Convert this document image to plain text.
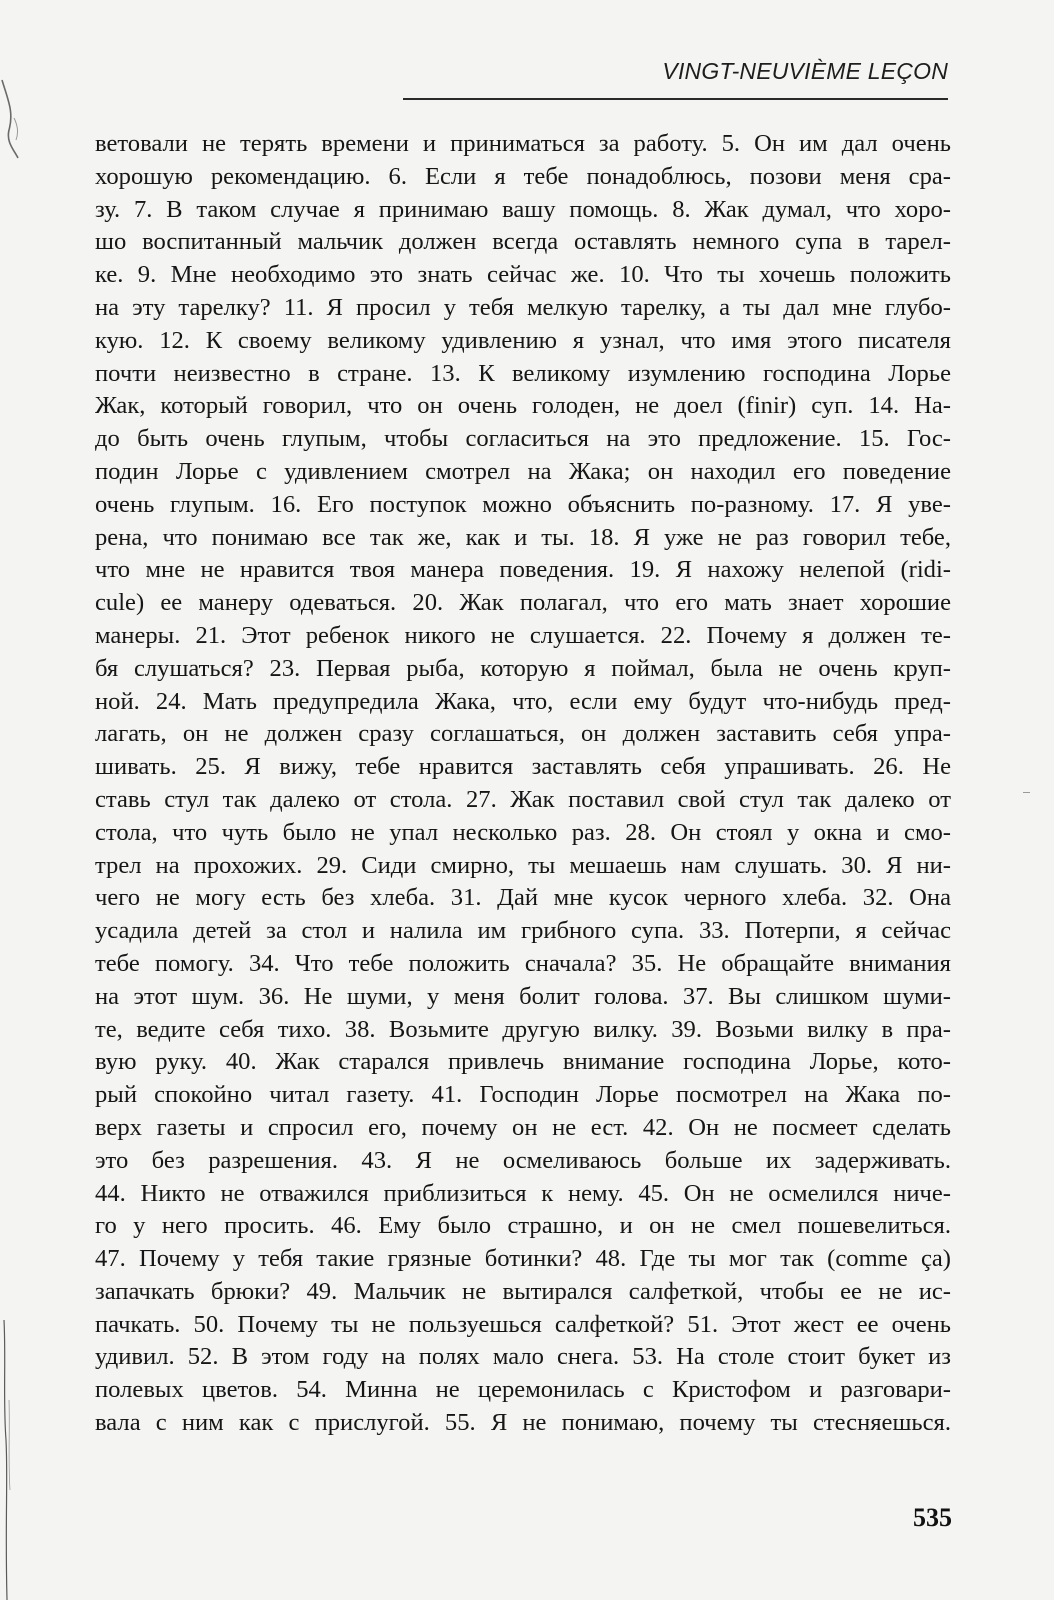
VINGT-NEUVIÈME LEÇON
ветовали не терять времени и приниматься за работу. 5. Он им дал очень
хорошую рекомендацию. 6. Если я тебе понадоблюсь, позови меня сра-
зу. 7. В таком случае я принимаю вашу помощь. 8. Жак думал, что хоро-
шо воспитанный мальчик должен всегда оставлять немного супа в тарел-
ке. 9. Мне необходимо это знать сейчас же. 10. Что ты хочешь положить
на эту тарелку? 11. Я просил у тебя мелкую тарелку, а ты дал мне глубо-
кую. 12. К своему великому удивлению я узнал, что имя этого писателя
почти неизвестно в стране. 13. К великому изумлению господина Лорье
Жак, который говорил, что он очень голоден, не доел (finir) суп. 14. На-
до быть очень глупым, чтобы согласиться на это предложение. 15. Гос-
подин Лорье с удивлением смотрел на Жака; он находил его поведение
очень глупым. 16. Его поступок можно объяснить по-разному. 17. Я уве-
рена, что понимаю все так же, как и ты. 18. Я уже не раз говорил тебе,
что мне не нравится твоя манера поведения. 19. Я нахожу нелепой (ridi-
cule) ее манеру одеваться. 20. Жак полагал, что его мать знает хорошие
манеры. 21. Этот ребенок никого не слушается. 22. Почему я должен те-
бя слушаться? 23. Первая рыба, которую я поймал, была не очень круп-
ной. 24. Мать предупредила Жака, что, если ему будут что-нибудь пред-
лагать, он не должен сразу соглашаться, он должен заставить себя упра-
шивать. 25. Я вижу, тебе нравится заставлять себя упрашивать. 26. Не
ставь стул так далеко от стола. 27. Жак поставил свой стул так далеко от
стола, что чуть было не упал несколько раз. 28. Он стоял у окна и смо-
трел на прохожих. 29. Сиди смирно, ты мешаешь нам слушать. 30. Я ни-
чего не могу есть без хлеба. 31. Дай мне кусок черного хлеба. 32. Она
усадила детей за стол и налила им грибного супа. 33. Потерпи, я сейчас
тебе помогу. 34. Что тебе положить сначала? 35. Не обращайте внимания
на этот шум. 36. Не шуми, у меня болит голова. 37. Вы слишком шуми-
те, ведите себя тихо. 38. Возьмите другую вилку. 39. Возьми вилку в пра-
вую руку. 40. Жак старался привлечь внимание господина Лорье, кото-
рый спокойно читал газету. 41. Господин Лорье посмотрел на Жака по-
верх газеты и спросил его, почему он не ест. 42. Он не посмеет сделать
это без разрешения. 43. Я не осмеливаюсь больше их задерживать.
44. Никто не отважился приблизиться к нему. 45. Он не осмелился ниче-
го у него просить. 46. Ему было страшно, и он не смел пошевелиться.
47. Почему у тебя такие грязные ботинки? 48. Где ты мог так (comme ça)
запачкать брюки? 49. Мальчик не вытирался салфеткой, чтобы ее не ис-
пачкать. 50. Почему ты не пользуешься салфеткой? 51. Этот жест ее очень
удивил. 52. В этом году на полях мало снега. 53. На столе стоит букет из
полевых цветов. 54. Минна не церемонилась с Кристофом и разговари-
вала с ним как с прислугой. 55. Я не понимаю, почему ты стесняешься.
535
